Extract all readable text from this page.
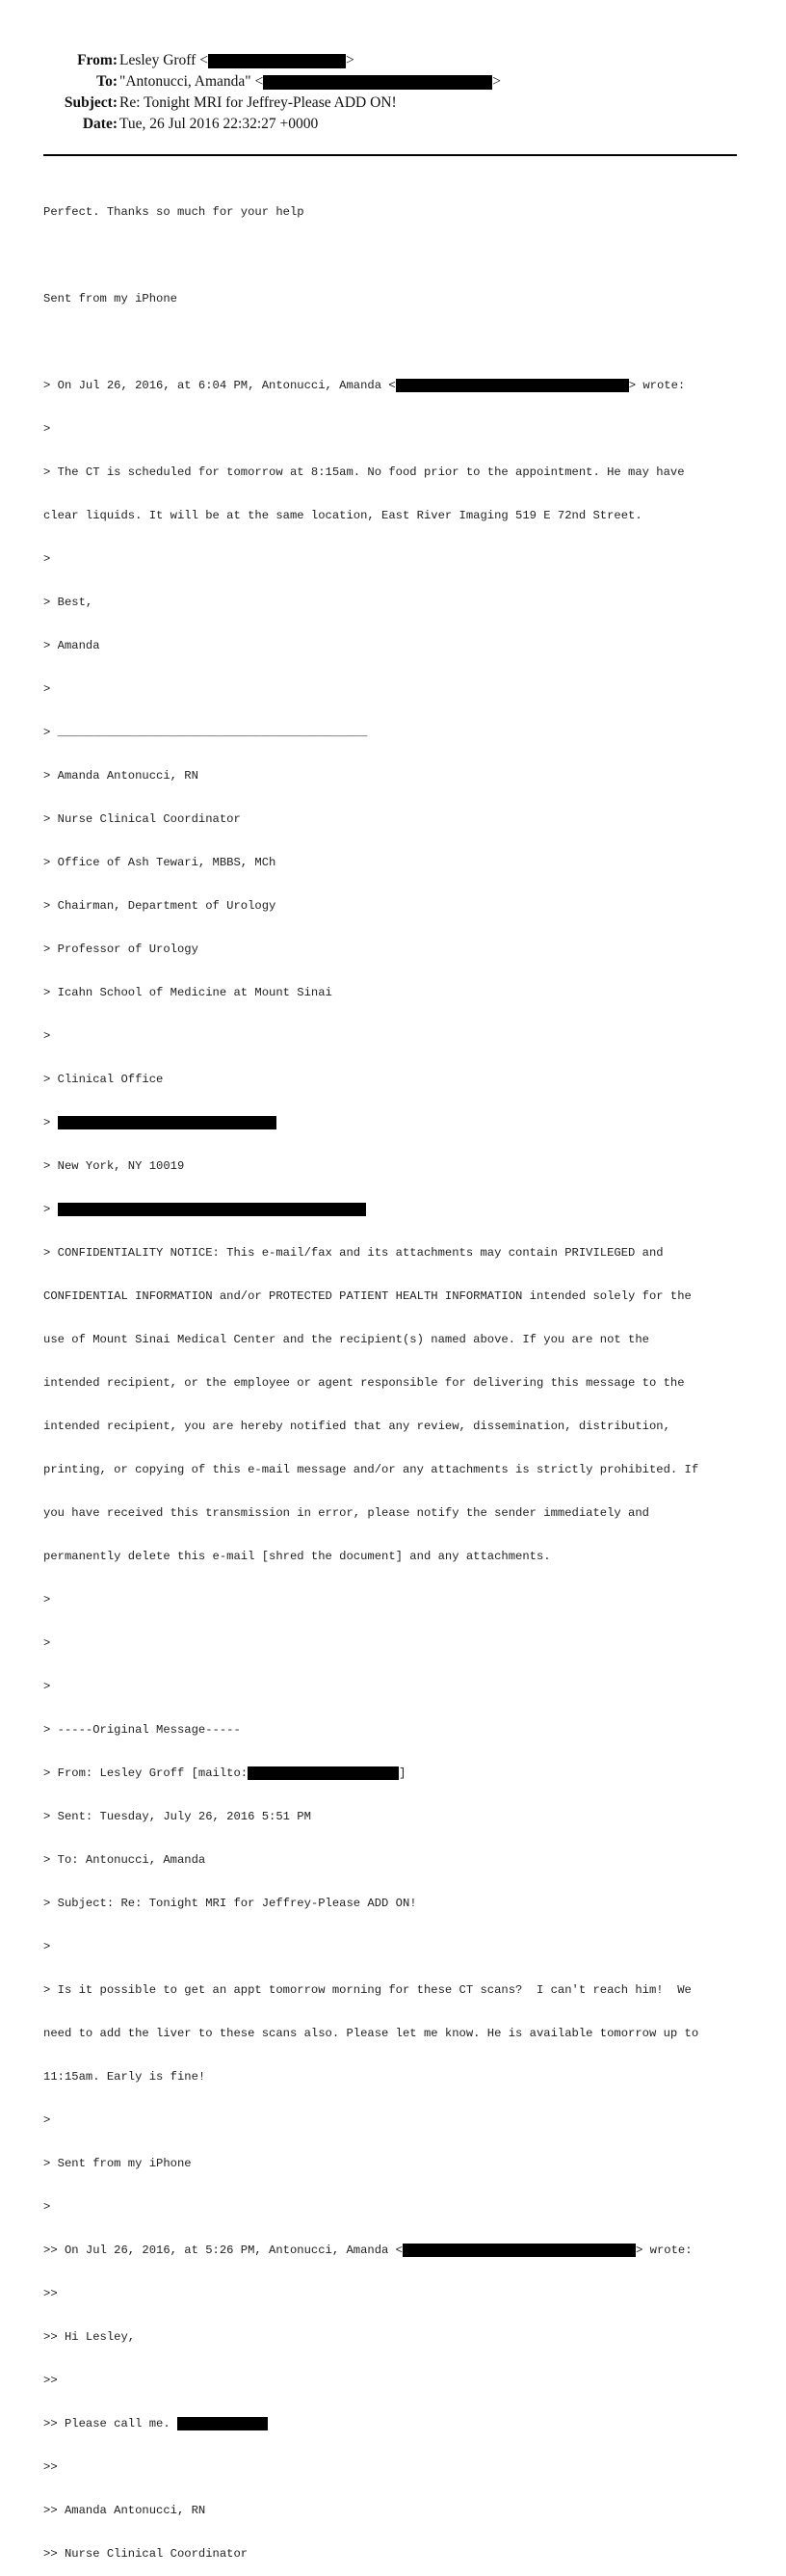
From: Lesley Groff <	>
To: "Antonucci, Amanda" <	>
Subject: Re: Tonight MRI for Jeffrey-Please ADD ON!
Date: Tue, 26 Jul 2016 22:32:27 +0000

Perfect. Thanks so much for your help

Sent from my iPhone

> On Jul 26, 2016, at 6:04 PM, Antonucci, Amanda <	> wrote:

>

> The CT is scheduled for tomorrow at 8:15am. No food prior to the appointment. He may have

clear liquids. It will be at the same location, East River Imaging 519 E 72nd Street.

>

> Best,

> Amanda

>

> ____________________________________________

> Amanda Antonucci, RN

> Nurse Clinical Coordinator

> Office of Ash Tewari, MBBS, MCh

> Chairman, Department of Urology

> Professor of Urology

> Icahn School of Medicine at Mount Sinai

>

> Clinical Office

>

> New York, NY 10019

>

> CONFIDENTIALITY NOTICE: This e-mail/fax and its attachments may contain PRIVILEGED and

CONFIDENTIAL INFORMATION and/or PROTECTED PATIENT HEALTH INFORMATION intended solely for the

use of Mount Sinai Medical Center and the recipient(s) named above. If you are not the

intended recipient, or the employee or agent responsible for delivering this message to the

intended recipient, you are hereby notified that any review, dissemination, distribution,

printing, or copying of this e-mail message and/or any attachments is strictly prohibited. If

you have received this transmission in error, please notify the sender immediately and

permanently delete this e-mail [shred the document] and any attachments.

>

>

>

> -----Original Message-----

> From: Lesley Groff [mailto:	]

> Sent: Tuesday, July 26, 2016 5:51 PM

> To: Antonucci, Amanda

> Subject: Re: Tonight MRI for Jeffrey-Please ADD ON!

>

> Is it possible to get an appt tomorrow morning for these CT scans?  I can't reach him!  We

need to add the liver to these scans also. Please let me know. He is available tomorrow up to

11:15am. Early is fine!

>

> Sent from my iPhone

>

>> On Jul 26, 2016, at 5:26 PM, Antonucci, Amanda <	> wrote:

>>

>> Hi Lesley,

>>

>> Please call me.

>>

>> Amanda Antonucci, RN

>> Nurse Clinical Coordinator
